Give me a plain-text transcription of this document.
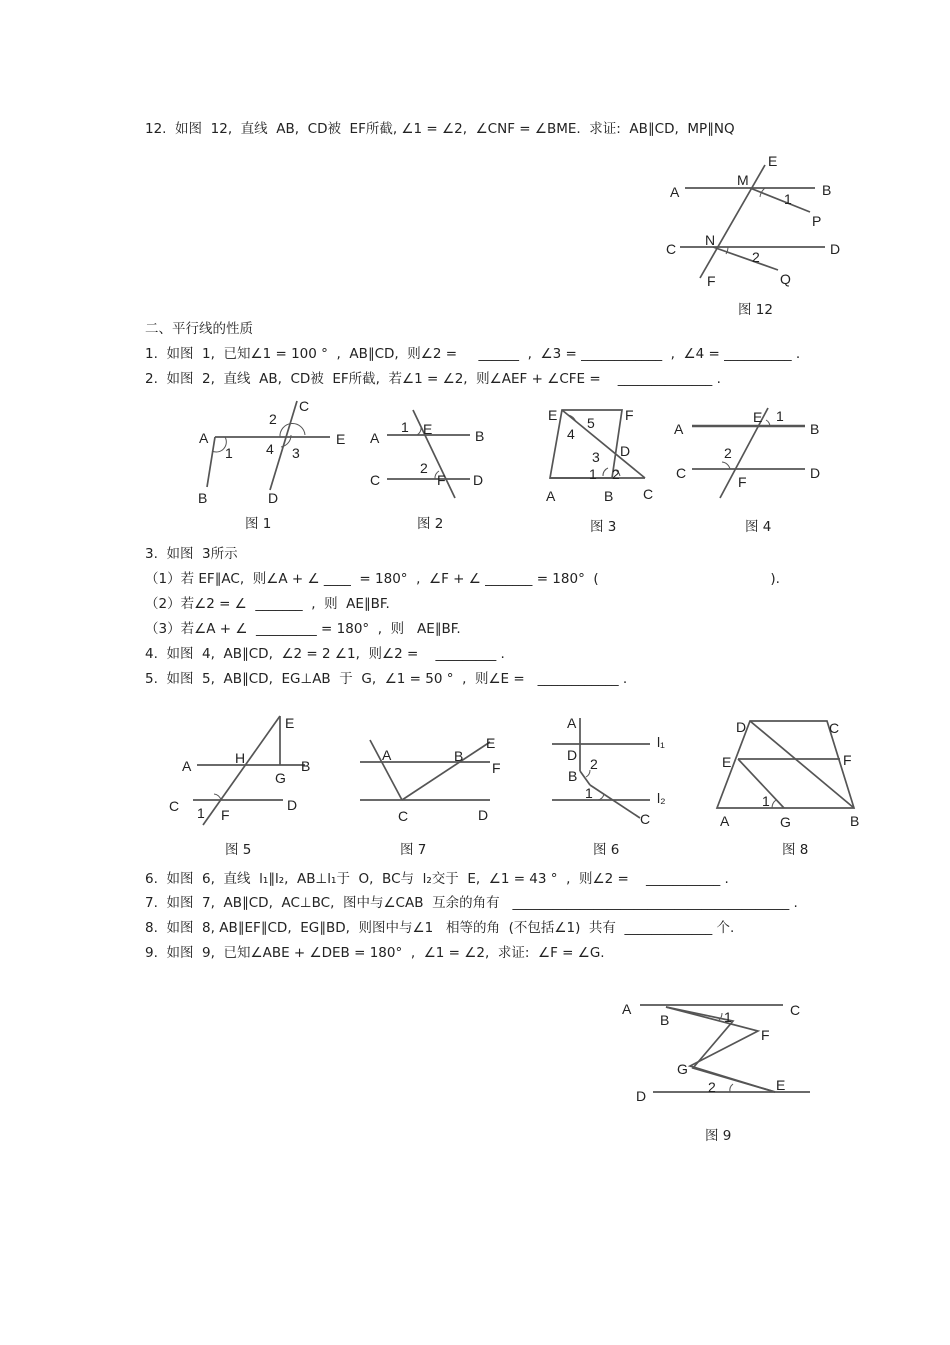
12.  如图  12,  直线  AB,  CD被  EF所截, ∠1 = ∠2,  ∠CNF = ∠BME.  求证:  AB∥CD,  MP∥NQ
二、平行线的性质
1.  如图  1,  已知∠1 = 100 °  ,  AB∥CD,  则∠2 =     ______  ,  ∠3 = ____________  ,  ∠4 = __________ .
2.  如图  2,  直线  AB,  CD被  EF所截,  若∠1 = ∠2,  则∠AEF + ∠CFE =    ______________ .
3.  如图  3所示
（1）若 EF∥AC,  则∠A + ∠ ____  = 180°  ,  ∠F + ∠ _______ = 180°  (                                        ).
（2）若∠2 = ∠  _______  ,  则  AE∥BF.
（3）若∠A + ∠  _________ = 180°  ,  则   AE∥BF.
4.  如图  4,  AB∥CD,  ∠2 = 2 ∠1,  则∠2 =    _________ .
5.  如图  5,  AB∥CD,  EG⊥AB  于  G,  ∠1 = 50 °  ,  则∠E =   ____________ .
6.  如图  6,  直线  l₁∥l₂,  AB⊥l₁于  O,  BC与  l₂交于  E,  ∠1 = 43 °  ,  则∠2 =    ___________ .
7.  如图  7,  AB∥CD,  AC⊥BC,  图中与∠CAB  互余的角有   _________________________________________ .
8.  如图  8, AB∥EF∥CD,  EG∥BD,  则图中与∠1   相等的角  (不包括∠1)  共有  _____________ 个.
9.  如图  9,  已知∠ABE + ∠DEB = 180°  ,  ∠1 = ∠2,  求证:  ∠F = ∠G.
A	B
C	D
E
F
M
N
P
Q
1
2
图 12
A
B
C
D
E
1
2
3
4
图 1
A	B
C	D
E
F
1
2
图 2
E	F
A	B C
D
1 2
3
4
5
图 3
A	B
C	D
E
F
1
2
图 4
A	B
C	D
E
F
G
H
1
图 5
A	B
C	D
E
F
图 7
A
B
C
D
1
2
l₁
l₂
图 6
D	C
E	F
A	G	B
1
图 8
A
B
C
D
E
F
G
1
2
图 9
